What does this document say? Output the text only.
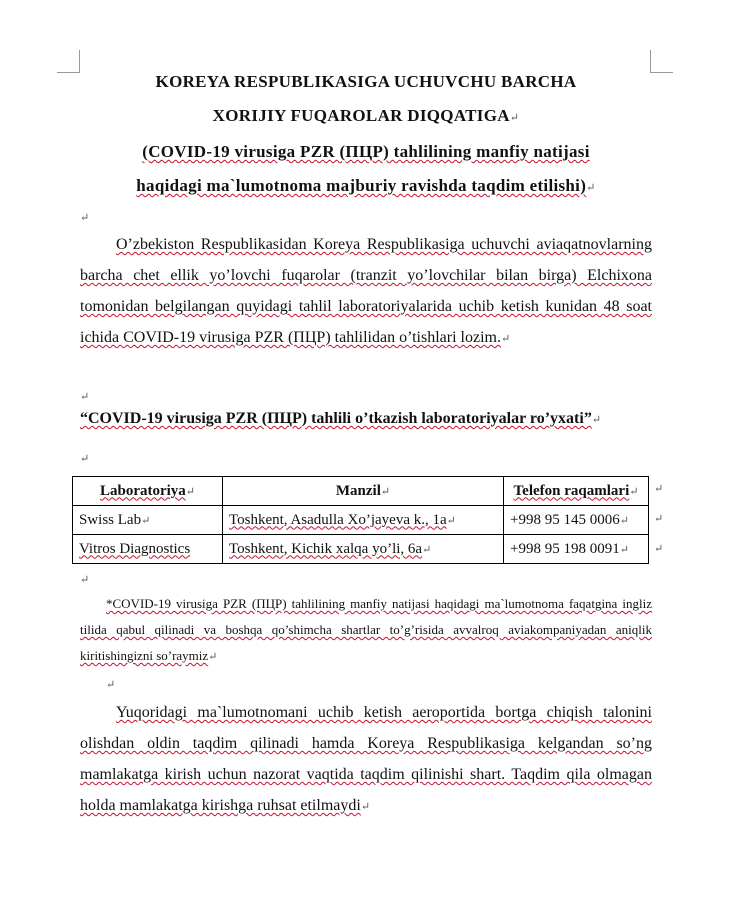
KOREYA RESPUBLIKASIGA UCHUVCHU BARCHA
XORIJIY FUQAROLAR DIQQATIGA↵
(COVID-19 virusiga PZR (ПЦР) tahlilining manfiy natijasi
haqidagi ma`lumotnoma majburiy ravishda taqdim etilishi)↵
↵
O’zbekiston Respublikasidan Koreya Respublikasiga uchuvchi aviaqatnovlarning barcha chet ellik yo’lovchi fuqarolar (tranzit yo’lovchilar bilan birga) Elchixona tomonidan belgilangan quyidagi tahlil laboratoriyalarida uchib ketish kunidan 48 soat ichida COVID-19 virusiga PZR (ПЦР) tahlilidan o’tishlari lozim.↵
↵
“COVID-19 virusiga PZR (ПЦР) tahlili o’tkazish laboratoriyalar ro’yxati”↵
↵
Laboratoriya↵	Manzil↵	Telefon raqamlari↵
Swiss Lab↵	Toshkent, Asadulla Xo’jayeva k., 1a↵	+998 95 145 0006↵
Vitros Diagnostics	Toshkent, Kichik xalqa yo’li, 6a↵	+998 95 198 0091↵
↵
↵
↵
↵
*COVID-19 virusiga PZR (ПЦР) tahlilining manfiy natijasi haqidagi ma`lumotnoma faqatgina ingliz tilida qabul qilinadi va boshqa qo’shimcha shartlar to’g’risida avvalroq aviakompaniyadan aniqlik kiritishingizni so’raymiz↵
↵
Yuqoridagi ma`lumotnomani uchib ketish aeroportida bortga chiqish talonini olishdan oldin taqdim qilinadi hamda Koreya Respublikasiga kelgandan so’ng mamlakatga kirish uchun nazorat vaqtida taqdim qilinishi shart. Taqdim qila olmagan holda mamlakatga kirishga ruhsat etilmaydi↵
